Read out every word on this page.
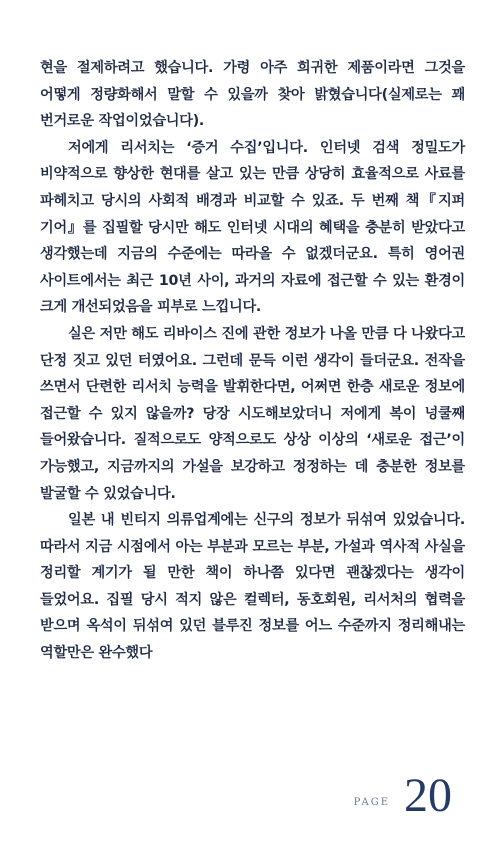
현을 절제하려고 했습니다. 가령 아주 희귀한 제품이라면 그것을 어떻게 정량화해서 말할 수 있을까 찾아 밝혔습니다(실제로는 꽤 번거로운 작업이었습니다).

저에게 리서치는 ‘증거 수집’입니다. 인터넷 검색 정밀도가 비약적으로 향상한 현대를 살고 있는 만큼 상당히 효율적으로 사료를 파헤치고 당시의 사회적 배경과 비교할 수 있죠. 두 번째 책『지퍼 기어』를 집필할 당시만 해도 인터넷 시대의 혜택을 충분히 받았다고 생각했는데 지금의 수준에는 따라올 수 없겠더군요. 특히 영어권 사이트에서는 최근 10년 사이, 과거의 자료에 접근할 수 있는 환경이 크게 개선되었음을 피부로 느낍니다.

실은 저만 해도 리바이스 진에 관한 정보가 나올 만큼 다 나왔다고 단정 짓고 있던 터였어요. 그런데 문득 이런 생각이 들더군요. 전작을 쓰면서 단련한 리서치 능력을 발휘한다면, 어쩌면 한층 새로운 정보에 접근할 수 있지 않을까? 당장 시도해보았더니 저에게 복이 넝쿨째 들어왔습니다. 질적으로도 양적으로도 상상 이상의 ‘새로운 접근’이 가능했고, 지금까지의 가설을 보강하고 정정하는 데 충분한 정보를 발굴할 수 있었습니다.

일본 내 빈티지 의류업계에는 신구의 정보가 뒤섞여 있었습니다. 따라서 지금 시점에서 아는 부분과 모르는 부분, 가설과 역사적 사실을 정리할 계기가 될 만한 책이 하나쯤 있다면 괜찮겠다는 생각이 들었어요. 집필 당시 적지 않은 컬렉터, 동호회원, 리서처의 협력을 받으며 옥석이 뒤섞여 있던 블루진 정보를 어느 수준까지 정리해내는 역할만은 완수했다

PAGE 20
